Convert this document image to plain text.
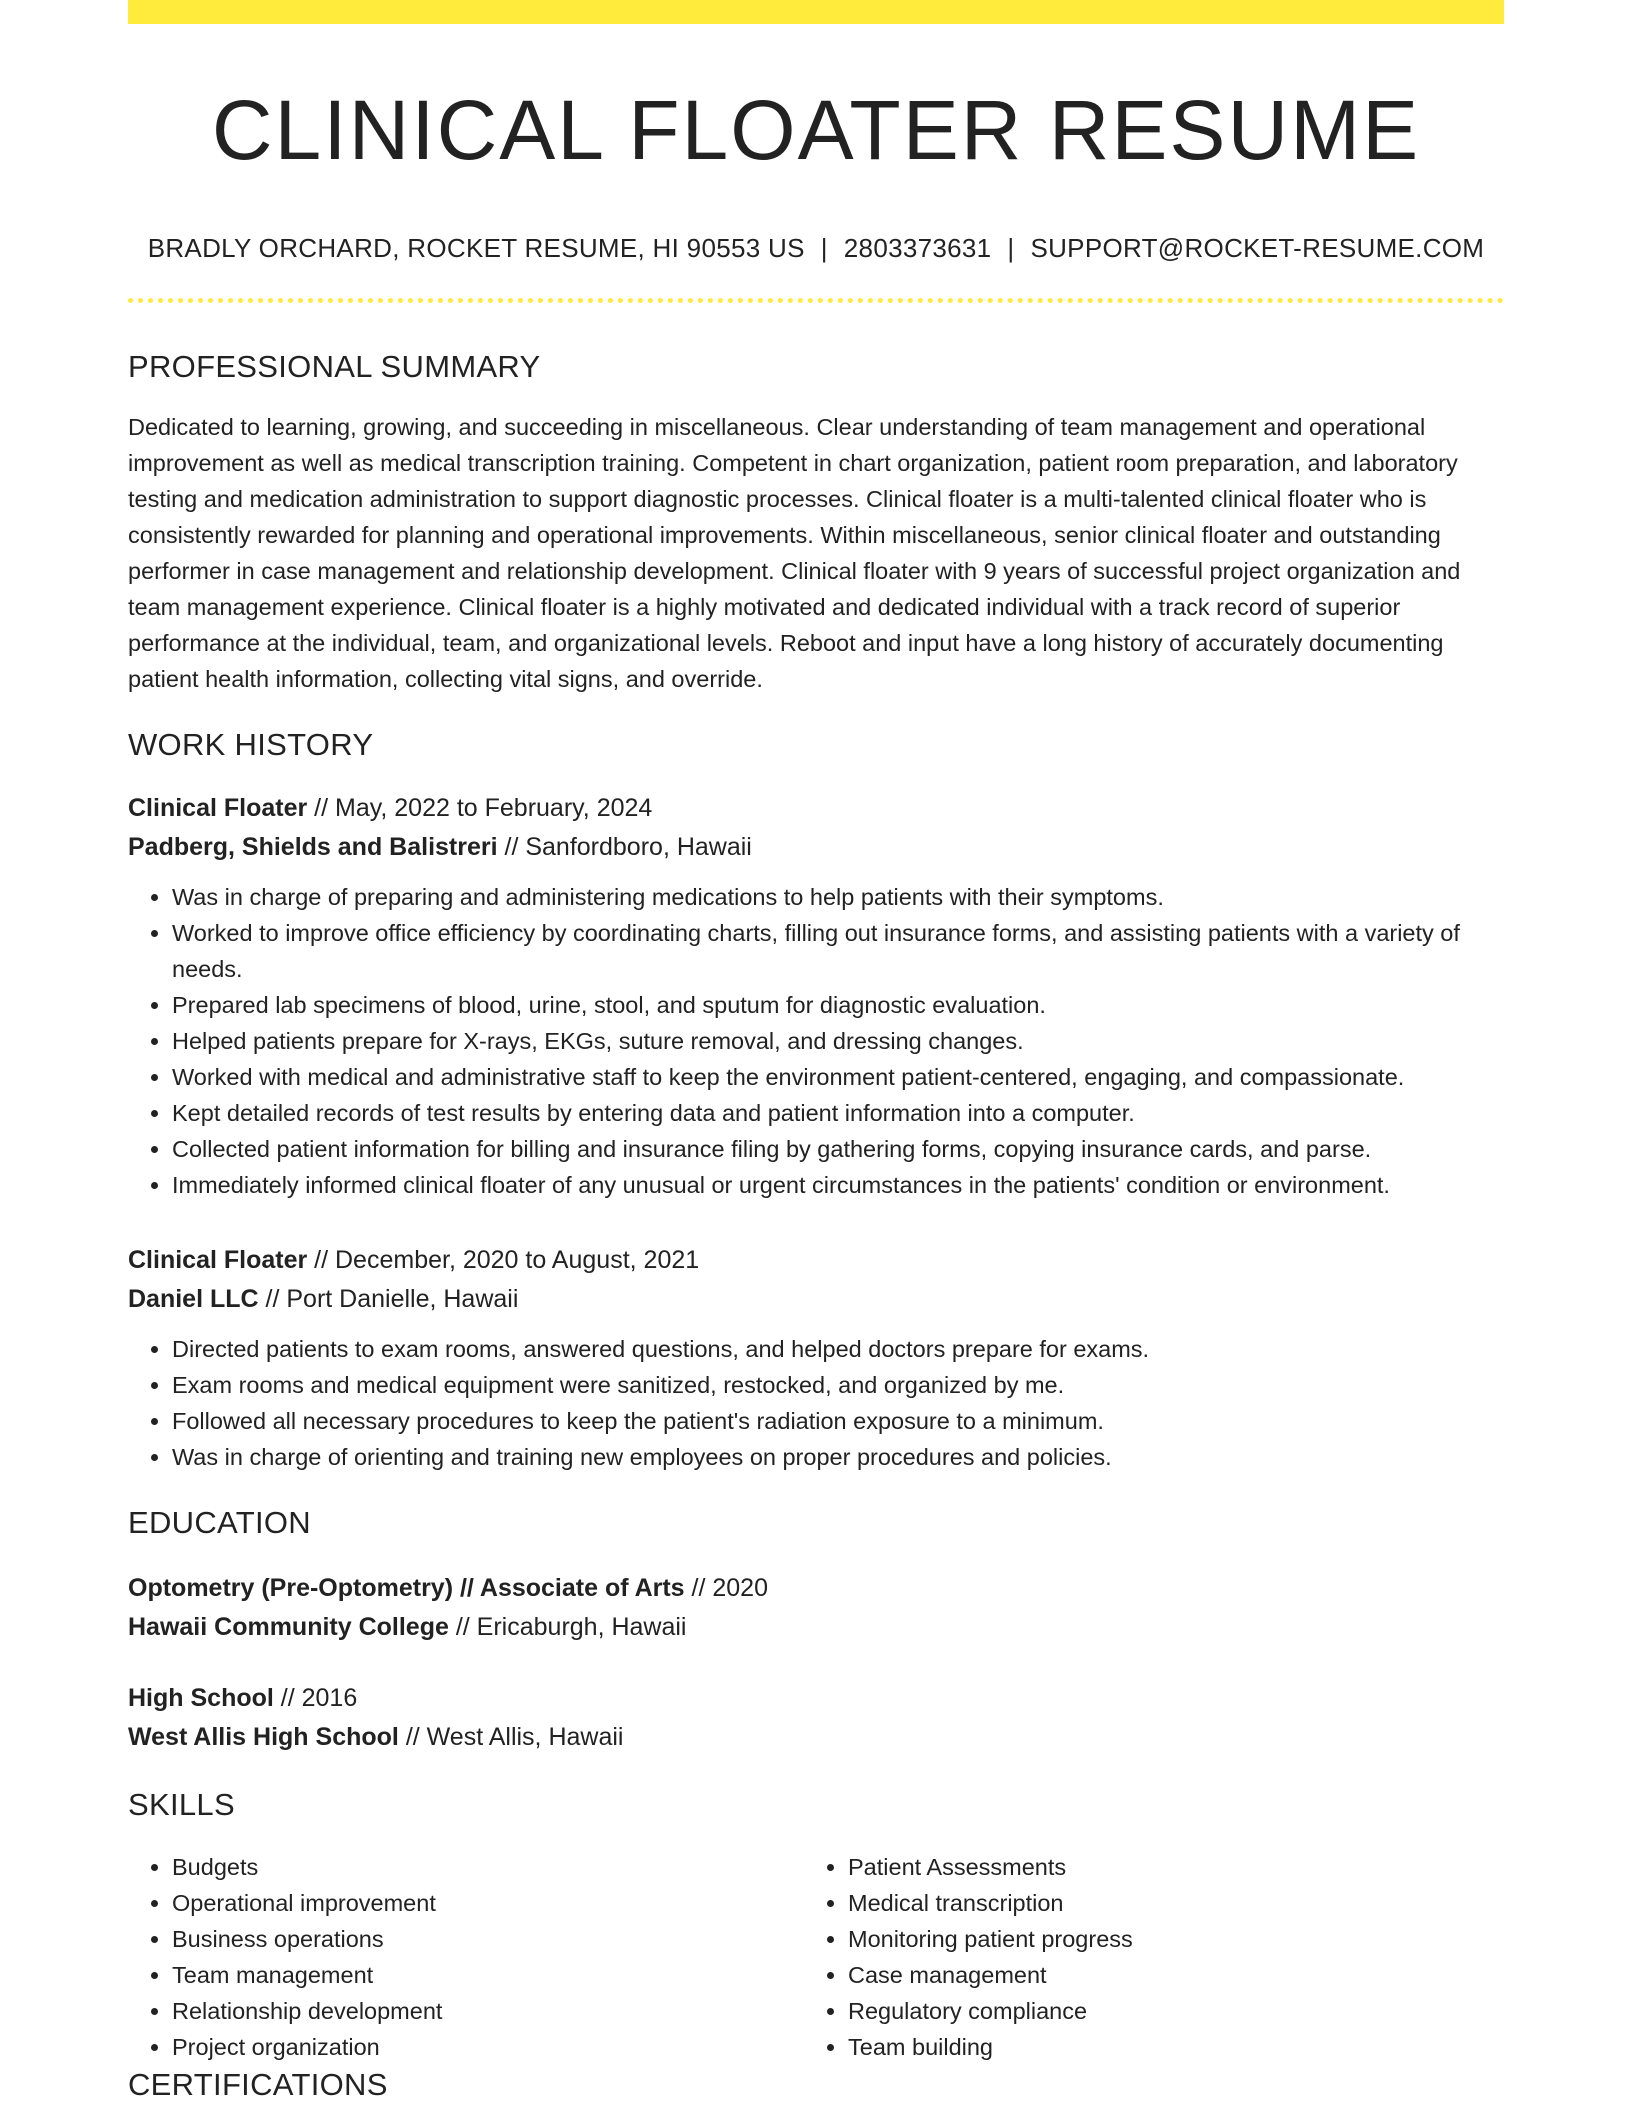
CLINICAL FLOATER RESUME
BRADLY ORCHARD, ROCKET RESUME, HI 90553 US | 2803373631 | SUPPORT@ROCKET-RESUME.COM
PROFESSIONAL SUMMARY
Dedicated to learning, growing, and succeeding in miscellaneous. Clear understanding of team management and operational improvement as well as medical transcription training. Competent in chart organization, patient room preparation, and laboratory testing and medication administration to support diagnostic processes. Clinical floater is a multi-talented clinical floater who is consistently rewarded for planning and operational improvements. Within miscellaneous, senior clinical floater and outstanding performer in case management and relationship development. Clinical floater with 9 years of successful project organization and team management experience. Clinical floater is a highly motivated and dedicated individual with a track record of superior performance at the individual, team, and organizational levels. Reboot and input have a long history of accurately documenting patient health information, collecting vital signs, and override.
WORK HISTORY
Clinical Floater // May, 2022 to February, 2024
Padberg, Shields and Balistreri // Sanfordboro, Hawaii
• Was in charge of preparing and administering medications to help patients with their symptoms.
• Worked to improve office efficiency by coordinating charts, filling out insurance forms, and assisting patients with a variety of needs.
• Prepared lab specimens of blood, urine, stool, and sputum for diagnostic evaluation.
• Helped patients prepare for X-rays, EKGs, suture removal, and dressing changes.
• Worked with medical and administrative staff to keep the environment patient-centered, engaging, and compassionate.
• Kept detailed records of test results by entering data and patient information into a computer.
• Collected patient information for billing and insurance filing by gathering forms, copying insurance cards, and parse.
• Immediately informed clinical floater of any unusual or urgent circumstances in the patients' condition or environment.
Clinical Floater // December, 2020 to August, 2021
Daniel LLC // Port Danielle, Hawaii
• Directed patients to exam rooms, answered questions, and helped doctors prepare for exams.
• Exam rooms and medical equipment were sanitized, restocked, and organized by me.
• Followed all necessary procedures to keep the patient's radiation exposure to a minimum.
• Was in charge of orienting and training new employees on proper procedures and policies.
EDUCATION
Optometry (Pre-Optometry) // Associate of Arts // 2020
Hawaii Community College // Ericaburgh, Hawaii
High School // 2016
West Allis High School // West Allis, Hawaii
SKILLS
• Budgets
• Operational improvement
• Business operations
• Team management
• Relationship development
• Project organization
• Patient Assessments
• Medical transcription
• Monitoring patient progress
• Case management
• Regulatory compliance
• Team building
CERTIFICATIONS
